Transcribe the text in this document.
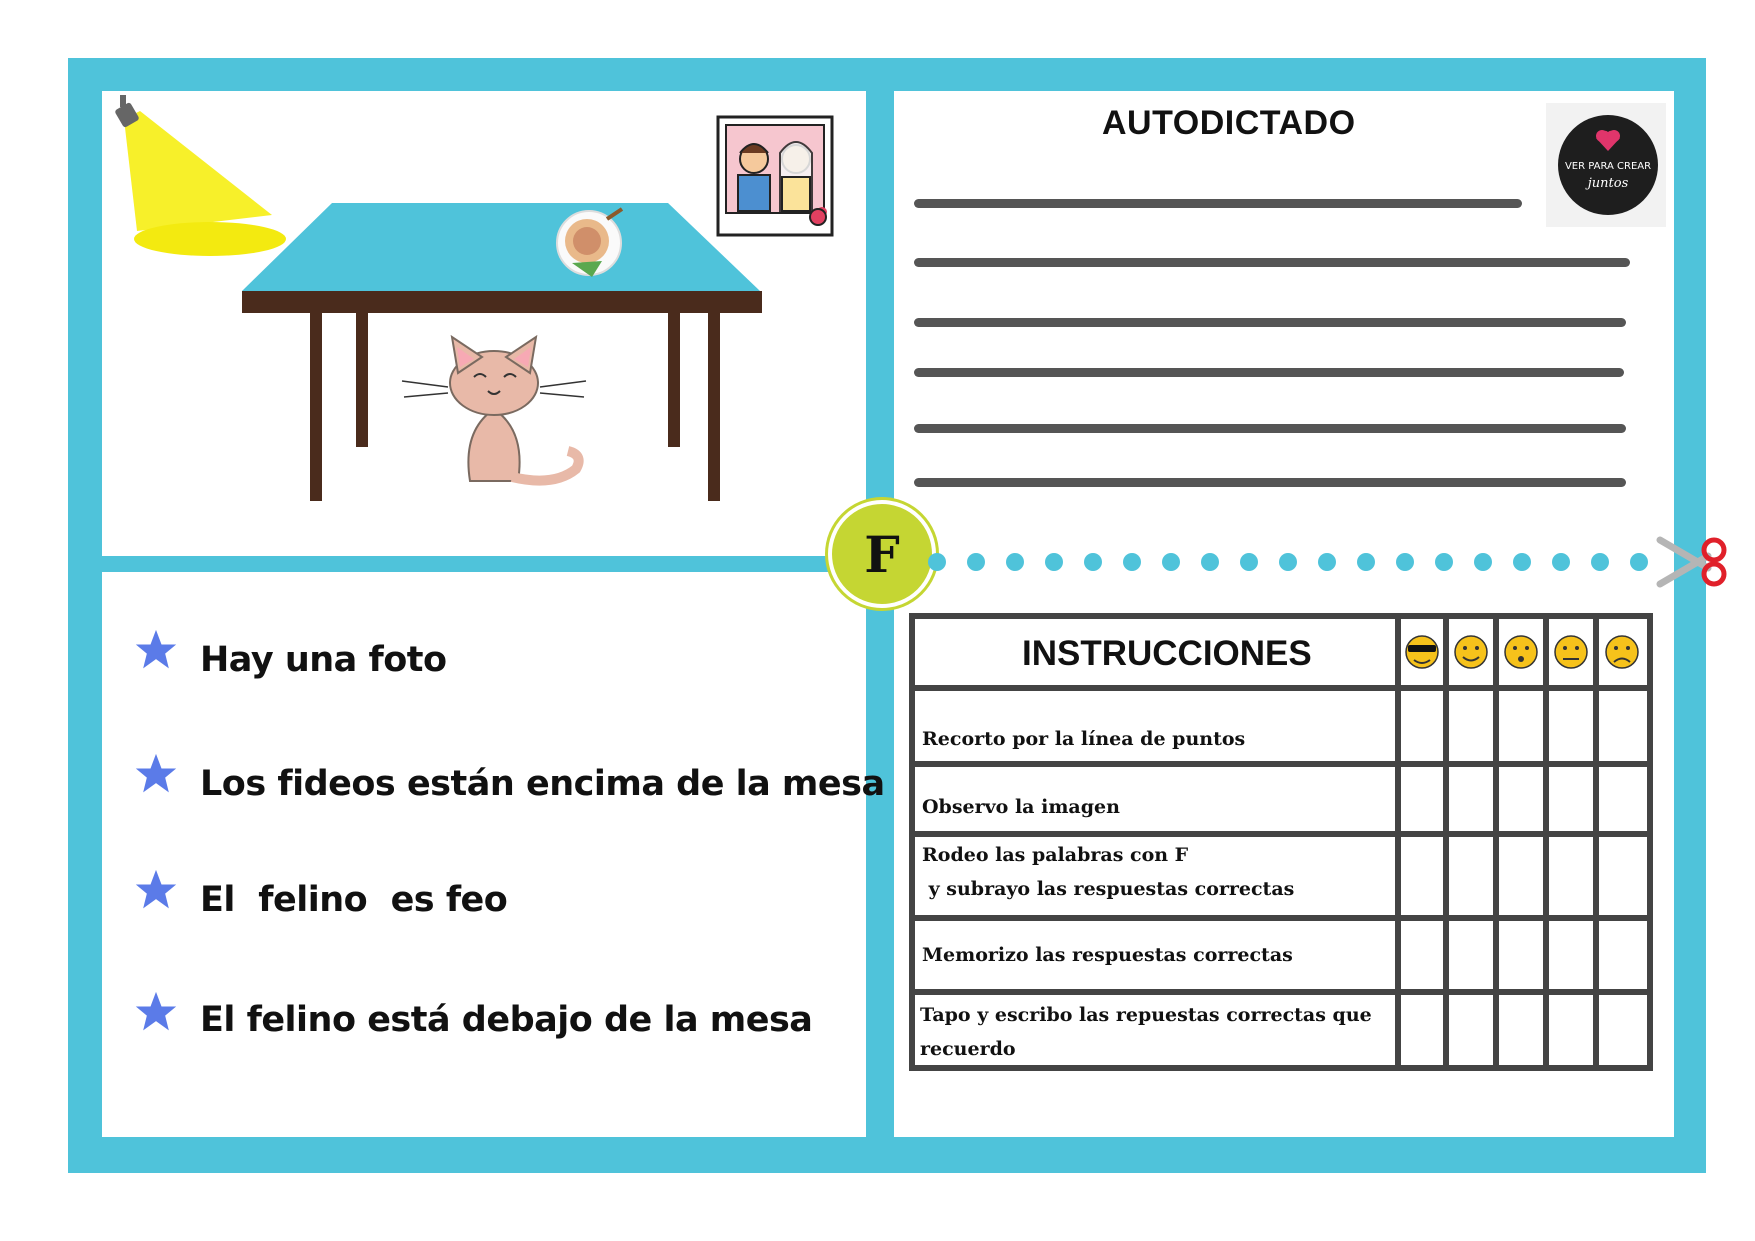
Hay una foto
Los fideos están encima de la mesa
El  felino  es feo
El felino está debajo de la mesa
AUTODICTADO
VER PARA CREAR
juntos
F
INSTRUCCIONES
Recorto por la línea de puntos
Observo la imagen
Rodeo las palabras con F
y subrayo las respuestas correctas
Memorizo las respuestas correctas
Tapo y escribo las repuestas correctas que
recuerdo
